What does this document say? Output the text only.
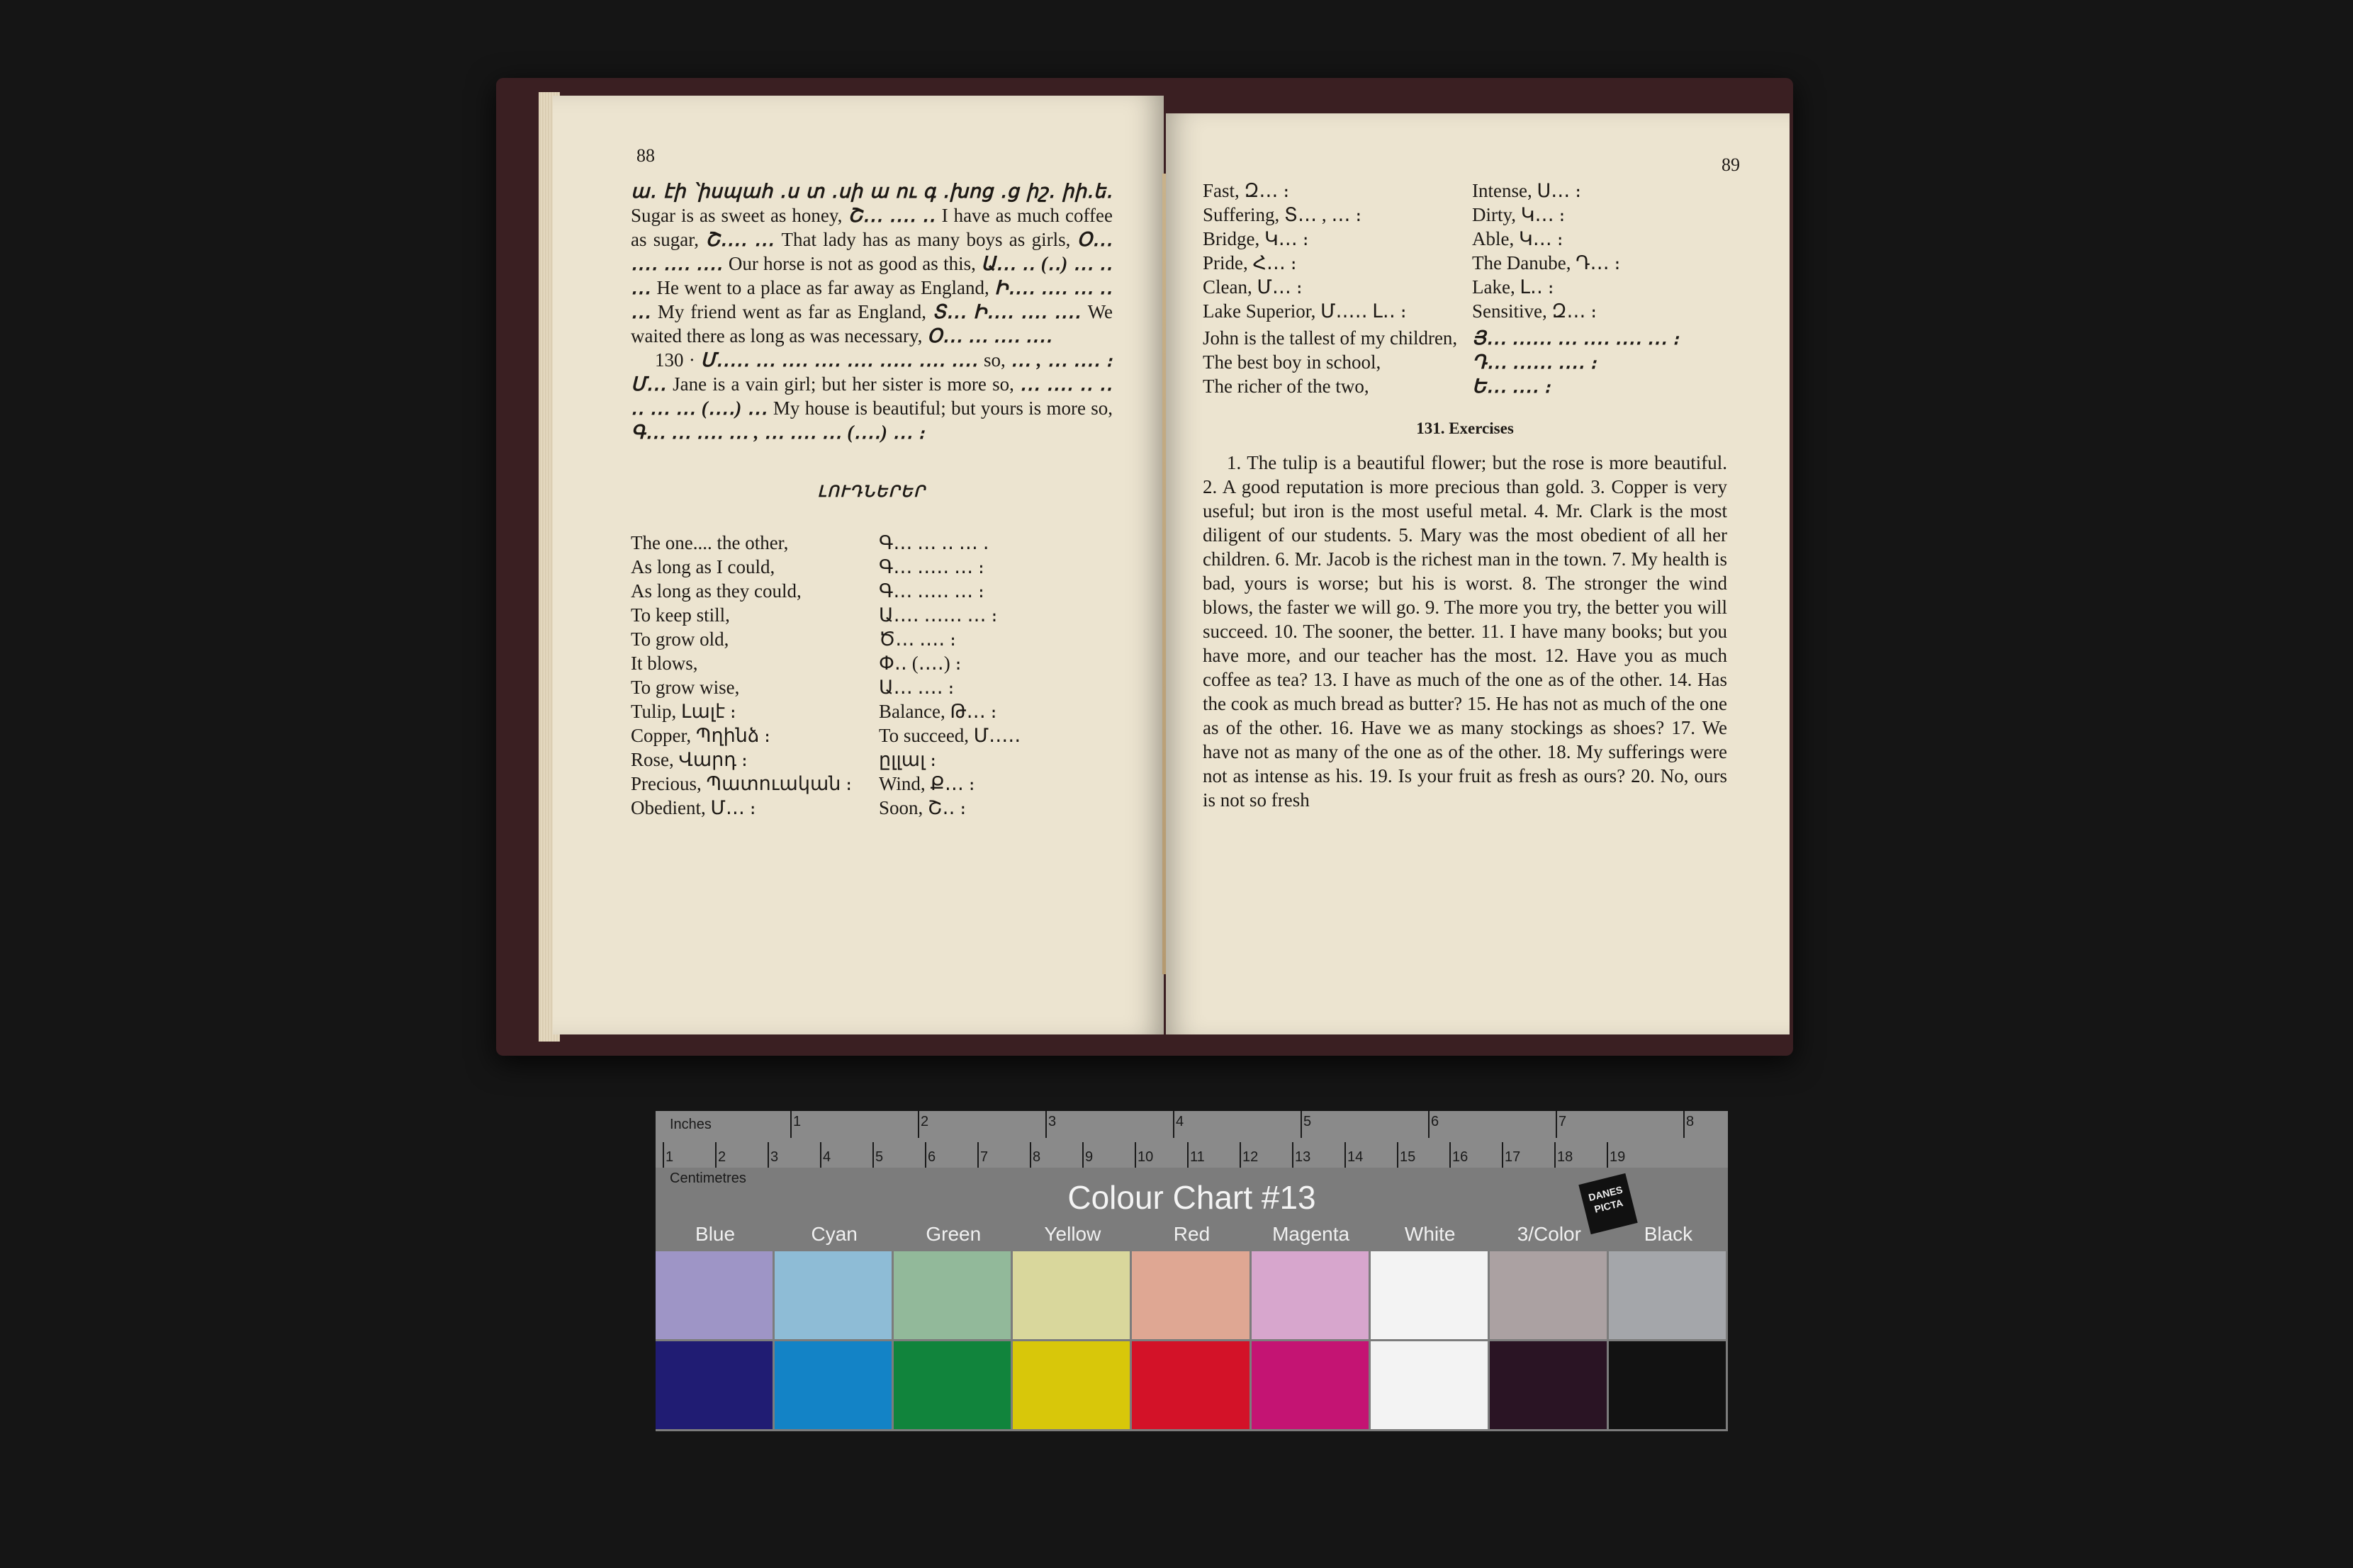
88

ա․ էի ՝իսպահ ․ս տ ․սի ա ու գ ․խոց ․ց իշ․ իի․ե․ Sugar is as sweet as honey, Շ․․․ ․․․․ ․․ I have as much coffee as sugar, Շ․․․․ ․․․ That lady has as many boys as girls, Օ․․․ ․․․․ ․․․․ ․․․․ Our horse is not as good as this, Ա․․․ ․․ (․․) ․․․ ․․ ․․․ He went to a place as far away as England, Ի․․․․ ․․․․ ․․․ ․․ ․․․ My friend went as far as England, Տ․․․ Ի․․․․ ․․․․ ․․․․ We waited there as long as was necessary, Օ․․․ ․․․ ․․․․ ․․․․

130 · Մ․․․․․ ․․․ ․․․․ ․․․․ ․․․․ ․․․․․ ․․․․ ․․․․ so, ․․․ , ․․․ ․․․․ ։ Մ․․․ Jane is a vain girl; but her sister is more so, ․․․ ․․․․ ․․ ․․ ․․ ․․․ ․․․ (․․․․) ․․․ My house is beautiful; but yours is more so, Գ․․․ ․․․ ․․․․ ․․․ , ․․․ ․․․․ ․․․ (․․․․) ․․․ ։

ԼՈՒԴՆԵՐԵՐ
The one.... the other,	Գ․․․ ․․․ ․․ ․․․ ․
As long as I could,	Գ․․․ ․․․․․ ․․․ ։
As long as they could,	Գ․․․ ․․․․․ ․․․ ։
To keep still,	Ա․․․․ ․․․․․․ ․․․ ։
To grow old,	Ծ․․․ ․․․․ ։
It blows,	Փ․․ (․․․․) ։
To grow wise,	Ա․․․ ․․․․ ։
Tulip, Լալէ ։	Balance, Թ․․․ ։
Copper, Պղինձ ։	To succeed, Մ․․․․․
Rose, Վարդ ։	ըլլալ ։
Precious, Պատուական ։	Wind, Ք․․․ ։
Obedient, Մ․․․ ։	Soon, Շ․․ ։
89
Fast, Զ․․․ ։	Intense, Ս․․․ ։
Suffering, Տ․․․ , ․․․ ։	Dirty, Կ․․․ ։
Bridge, Կ․․․ ։	Able, Կ․․․ ։
Pride, Հ․․․ ։	The Danube, Դ․․․ ։
Clean, Մ․․․ ։	Lake, Լ․․ ։
Lake Superior, Մ․․․․․ Լ․․ ։	Sensitive, Զ․․․ ։
John is the tallest of my children, Յ․․․ ․․․․․․ ․․․ ․․․․ ․․․․ ․․․ ։
The best boy in school,	Դ․․․ ․․․․․․ ․․․․ ։
The richer of the two,	Ե․․․ ․․․․ ։
131. Exercises

1. The tulip is a beautiful flower; but the rose is more beautiful. 2. A good reputation is more precious than gold. 3. Copper is very useful; but iron is the most useful metal. 4. Mr. Clark is the most diligent of our students. 5. Mary was the most obedient of all her children. 6. Mr. Jacob is the richest man in the town. 7. My health is bad, yours is worse; but his is worst. 8. The stronger the wind blows, the faster we will go. 9. The more you try, the better you will succeed. 10. The sooner, the better. 11. I have many books; but you have more, and our teacher has the most. 12. Have you as much coffee as tea? 13. I have as much of the one as of the other. 14. Has the cook as much bread as butter? 15. He has not as much of the one as of the other. 16. Have we as many stockings as shoes? 17. We have not as many of the one as of the other. 18. My sufferings were not as intense as his. 19. Is your fruit as fresh as ours? 20. No, ours is not so fresh

Inches	1	2	3	4	5	6	7	8
1	2	3	4	5	6	7	8	9	10	11	12	13	14	15	16	17	18	19
Centimetres
Colour Chart #13	DANES PICTA
Blue	Cyan	Green	Yellow	Red	Magenta	White	3/Color	Black
